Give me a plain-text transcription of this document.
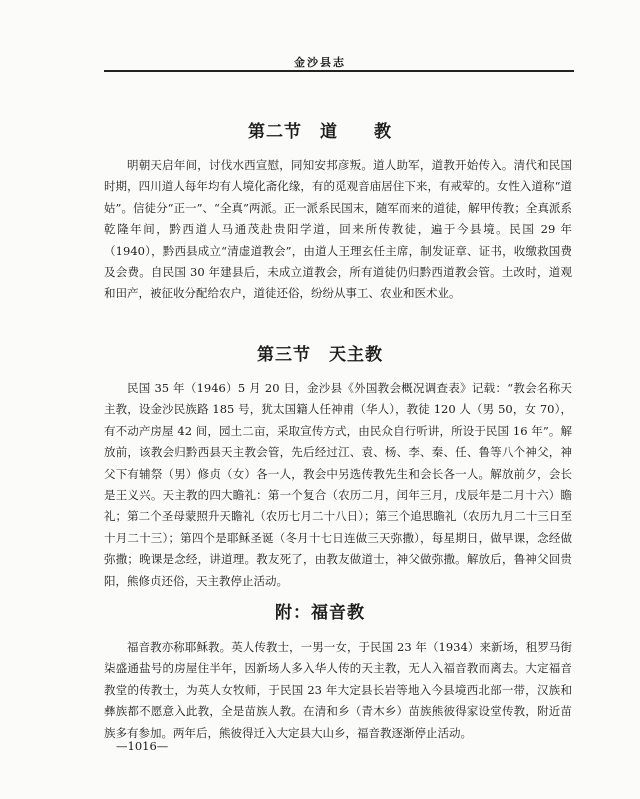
金沙县志
第二节　道　　教

明朝天启年间，讨伐水西宣慰，同知安邦彦叛。道人助军，道教开始传入。清代和民国时期，四川道人每年均有人境化斋化缘，有的觅观音庙居住下来，有戒荤的。女性入道称“道姑”。信徒分“正一”、“全真”两派。正一派系民国末，随军而来的道徒，解甲传教；全真派系乾隆年间，黔西道人马通茂赴贵阳学道，回来所传教徒，遍于今县境。民国 29 年（1940），黔西县成立“清虚道教会”，由道人王理玄任主席，制发证章、证书，收缴救国费及会费。自民国 30 年建县后，未成立道教会，所有道徒仍归黔西道教会管。土改时，道观和田产，被征收分配给农户，道徒还俗，纷纷从事工、农业和医术业。

第三节　天主教

民国 35 年（1946）5 月 20 日，金沙县《外国教会概况调查表》记载：“教会名称天主教，设金沙民族路 185 号，犹太国籍人任神甫（华人），教徒 120 人（男 50，女 70），有不动产房屋 42 间，园土二亩，采取宣传方式，由民众自行听讲，所设于民国 16 年”。解放前，该教会归黔西县天主教会管，先后经过江、袁、杨、李、秦、任、鲁等八个神父，神父下有辅祭（男）修贞（女）各一人，教会中另选传教先生和会长各一人。解放前夕，会长是王义兴。天主教的四大瞻礼：第一个复合（农历二月，闰年三月，戊辰年是二月十六）瞻礼；第二个圣母蒙照升天瞻礼（农历七月二十八日）；第三个追思瞻礼（农历九月二十三日至十月二十三）；第四个是耶稣圣诞（冬月十七日连做三天弥撒），每星期日，做早课，念经做弥撒；晚课是念经，讲道理。教友死了，由教友做道士，神父做弥撒。解放后，鲁神父回贵阳，熊修贞还俗，天主教停止活动。

附：福音教

福音教亦称耶稣教。英人传教士，一男一女，于民国 23 年（1934）来新场，租罗马街柒盛通盐号的房屋住半年，因新场人多入华人传的天主教，无人入福音教而离去。大定福音教堂的传教士，为英人女牧师，于民国 23 年大定县长岩等地入今县境西北部一带，汉族和彝族都不愿意入此教，全是苗族人教。在清和乡（青木乡）苗族熊彼得家设堂传教，附近苗族多有参加。两年后，熊彼得迁入大定县大山乡，福音教逐渐停止活动。

—1016—
